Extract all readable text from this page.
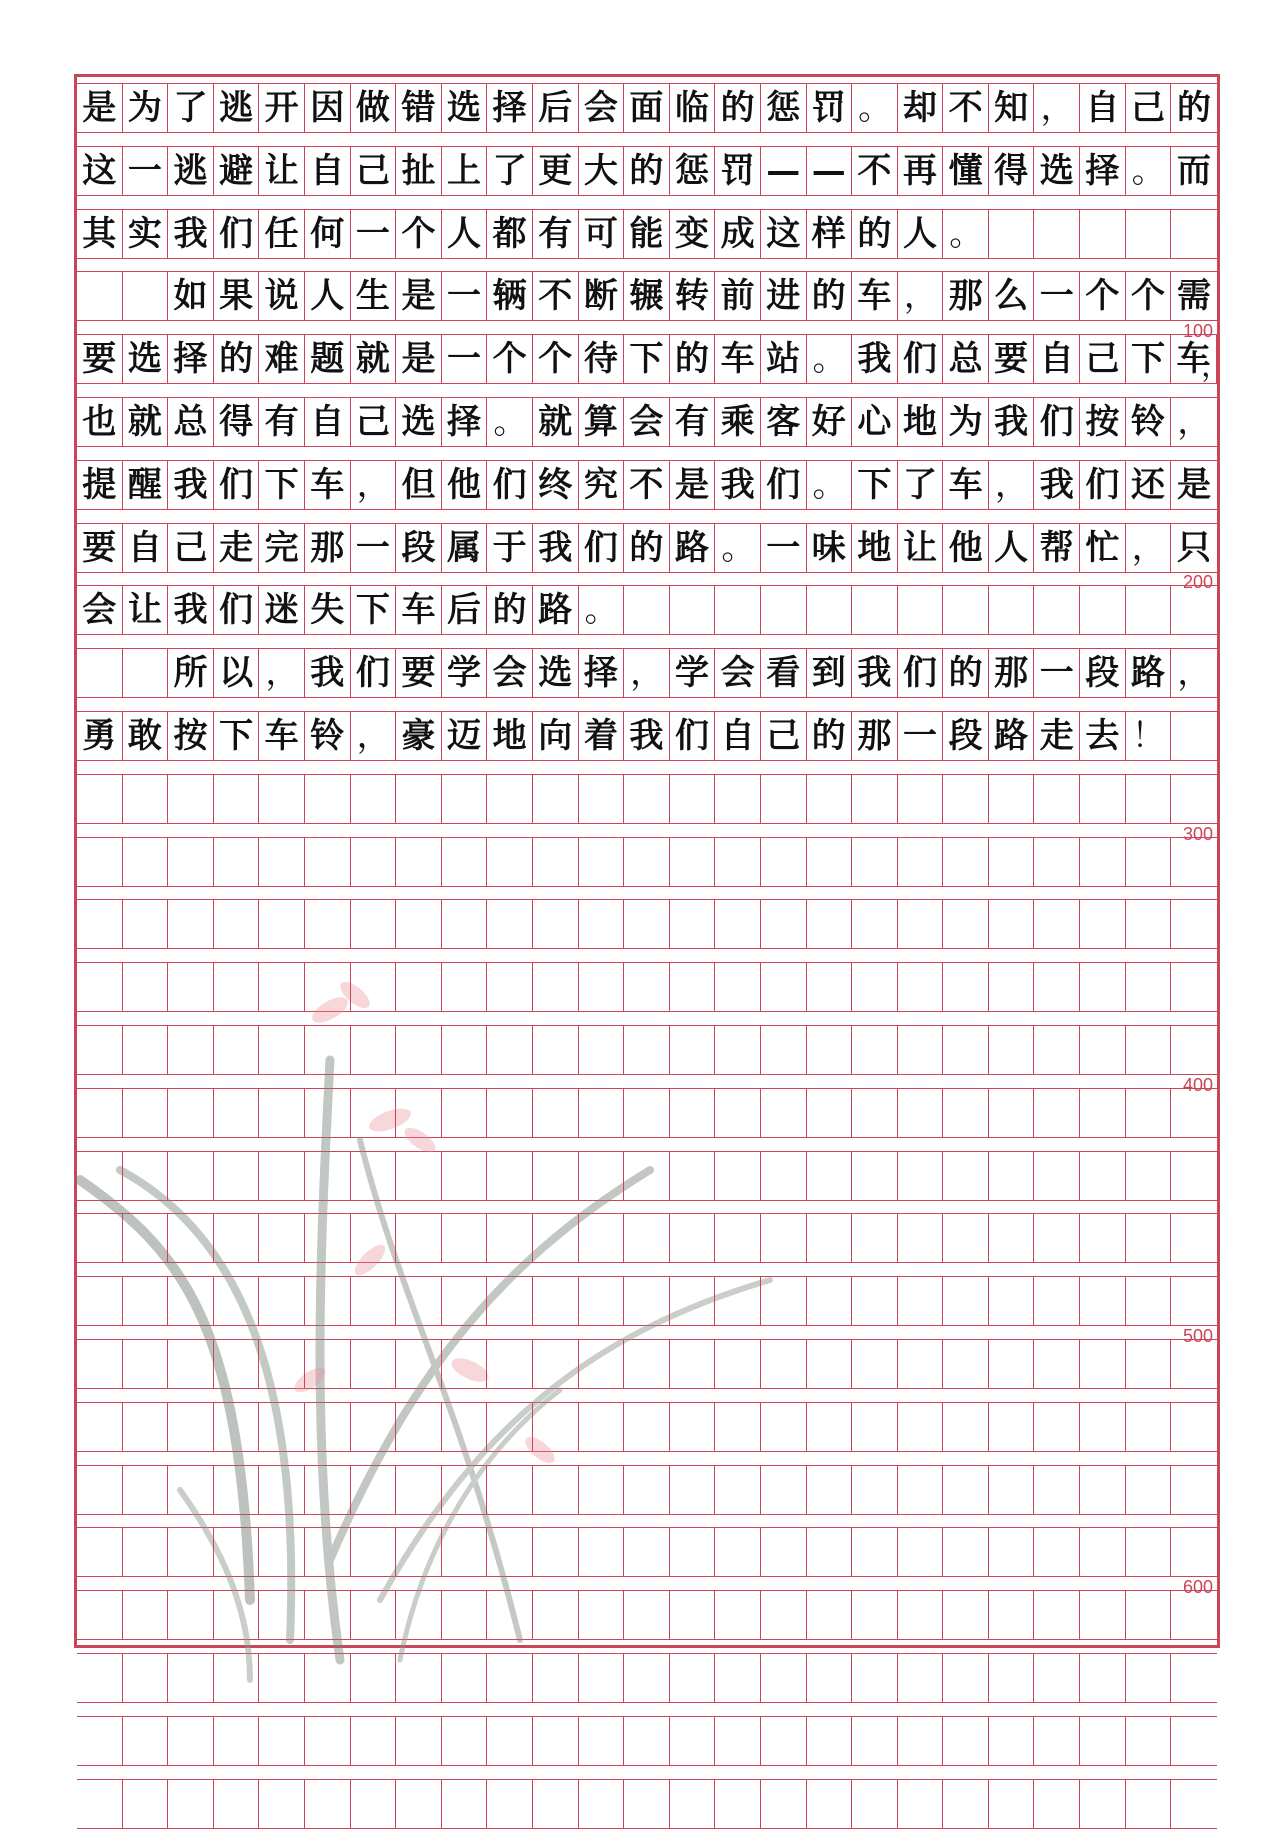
是 为 了 逃 开 因 做 错 选 择 后 会 面 临 的 惩 罚 。 却 不 知 ， 自 己 的
这 一 逃 避 让 自 己 扯 上 了 更 大 的 惩 罚 — — 不 再 懂 得 选 择 。 而
其 实 我 们 任 何 一 个 人 都 有 可 能 变 成 这 样 的 人 。
如 果 说 人 生 是 一 辆 不 断 辗 转 前 进 的 车 ， 那 么 一 个 个 需
要 选 择 的 难 题 就 是 一 个 个 待 下 的 车 站 。 我 们 总 要 自 己 下 车
，
也 就 总 得 有 自 己 选 择 。 就 算 会 有 乘 客 好 心 地 为 我 们 按 铃 ，
提 醒 我 们 下 车 ， 但 他 们 终 究 不 是 我 们 。 下 了 车 ， 我 们 还 是
要 自 己 走 完 那 一 段 属 于 我 们 的 路 。 一 味 地 让 他 人 帮 忙 ， 只
会 让 我 们 迷 失 下 车 后 的 路 。
所 以 ， 我 们 要 学 会 选 择 ， 学 会 看 到 我 们 的 那 一 段 路 ，
勇 敢 按 下 车 铃 ， 豪 迈 地 向 着 我 们 自 己 的 那 一 段 路 走 去 ！
100
200
300
400
500
600
